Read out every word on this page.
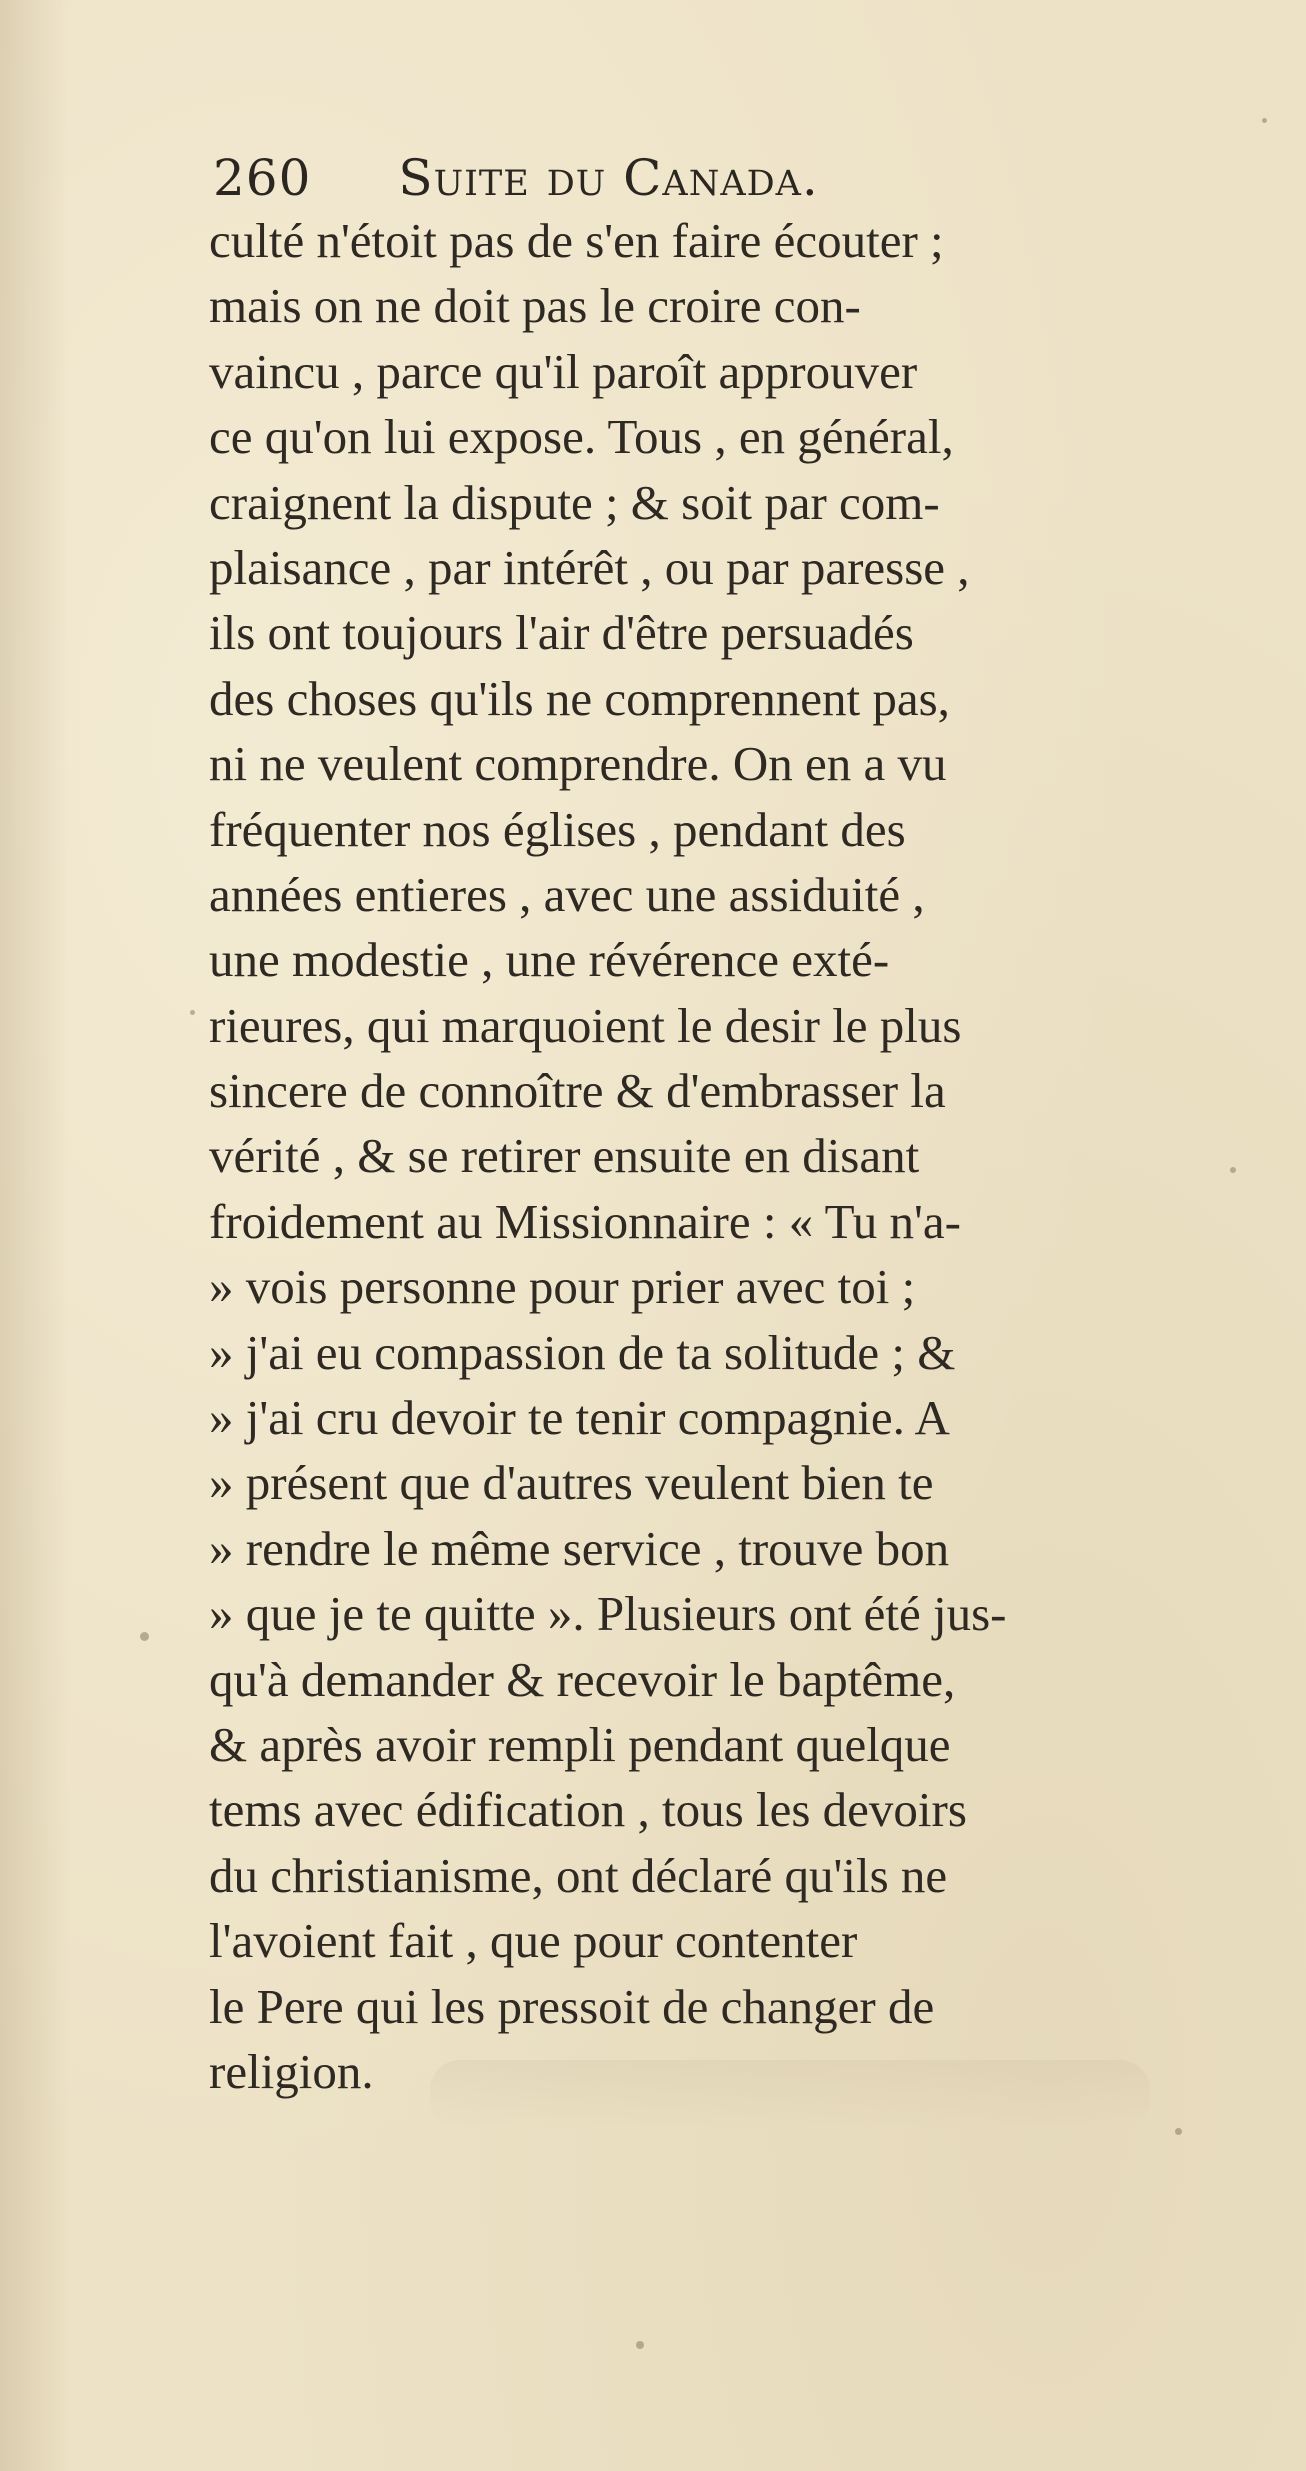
260 Suite du Canada.
culté n'étoit pas de s'en faire écouter ;
mais on ne doit pas le croire con-
vaincu , parce qu'il paroît approuver
ce qu'on lui expose. Tous , en général,
craignent la dispute ; & soit par com-
plaisance , par intérêt , ou par paresse ,
ils ont toujours l'air d'être persuadés
des choses qu'ils ne comprennent pas,
ni ne veulent comprendre. On en a vu
fréquenter nos églises , pendant des
années entieres , avec une assiduité ,
une modestie , une révérence exté-
rieures, qui marquoient le desir le plus
sincere de connoître & d'embrasser la
vérité , & se retirer ensuite en disant
froidement au Missionnaire : « Tu n'a-
» vois personne pour prier avec toi ;
» j'ai eu compassion de ta solitude ; &
» j'ai cru devoir te tenir compagnie. A
» présent que d'autres veulent bien te
» rendre le même service , trouve bon
» que je te quitte ». Plusieurs ont été jus-
qu'à demander & recevoir le baptême,
& après avoir rempli pendant quelque
tems avec édification , tous les devoirs
du christianisme, ont déclaré qu'ils ne
l'avoient fait , que pour contenter
le Pere qui les pressoit de changer de
religion.
